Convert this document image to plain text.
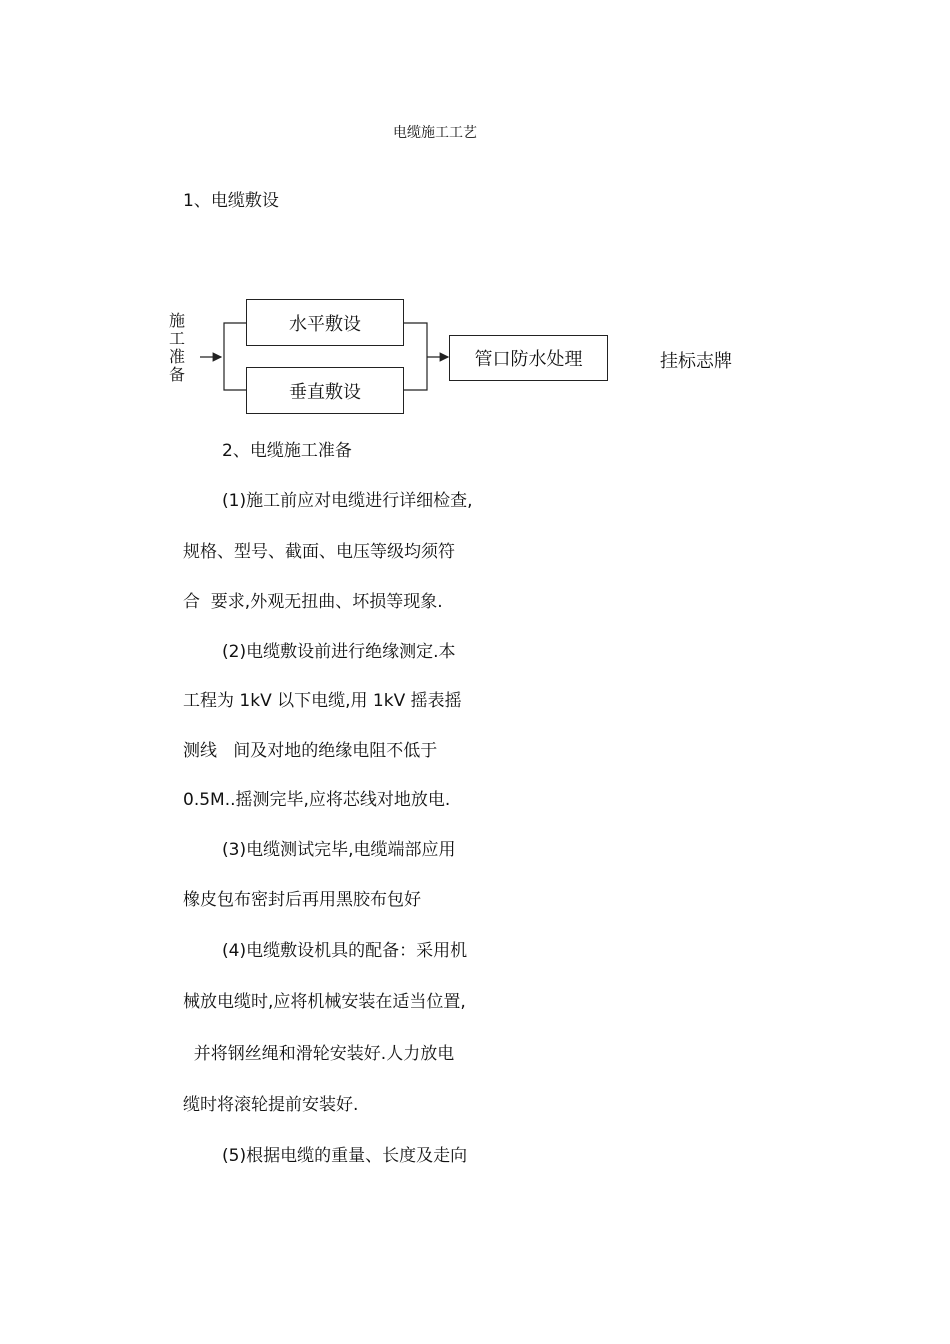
电缆施工工艺
1、电缆敷设
施
工
准
备
水平敷设
垂直敷设
管口防水处理	挂标志牌
2、电缆施工准备
(1)施工前应对电缆进行详细检查,
规格、型号、截面、电压等级均须符
合  要求,外观无扭曲、坏损等现象.
(2)电缆敷设前进行绝缘测定.本
工程为 1kV 以下电缆,用 1kV 摇表摇
测线   间及对地的绝缘电阻不低于
0.5M..摇测完毕,应将芯线对地放电.
(3)电缆测试完毕,电缆端部应用
橡皮包布密封后再用黑胶布包好
(4)电缆敷设机具的配备：采用机
械放电缆时,应将机械安装在适当位置,
并将钢丝绳和滑轮安装好.人力放电
缆时将滚轮提前安装好.
(5)根据电缆的重量、长度及走向
